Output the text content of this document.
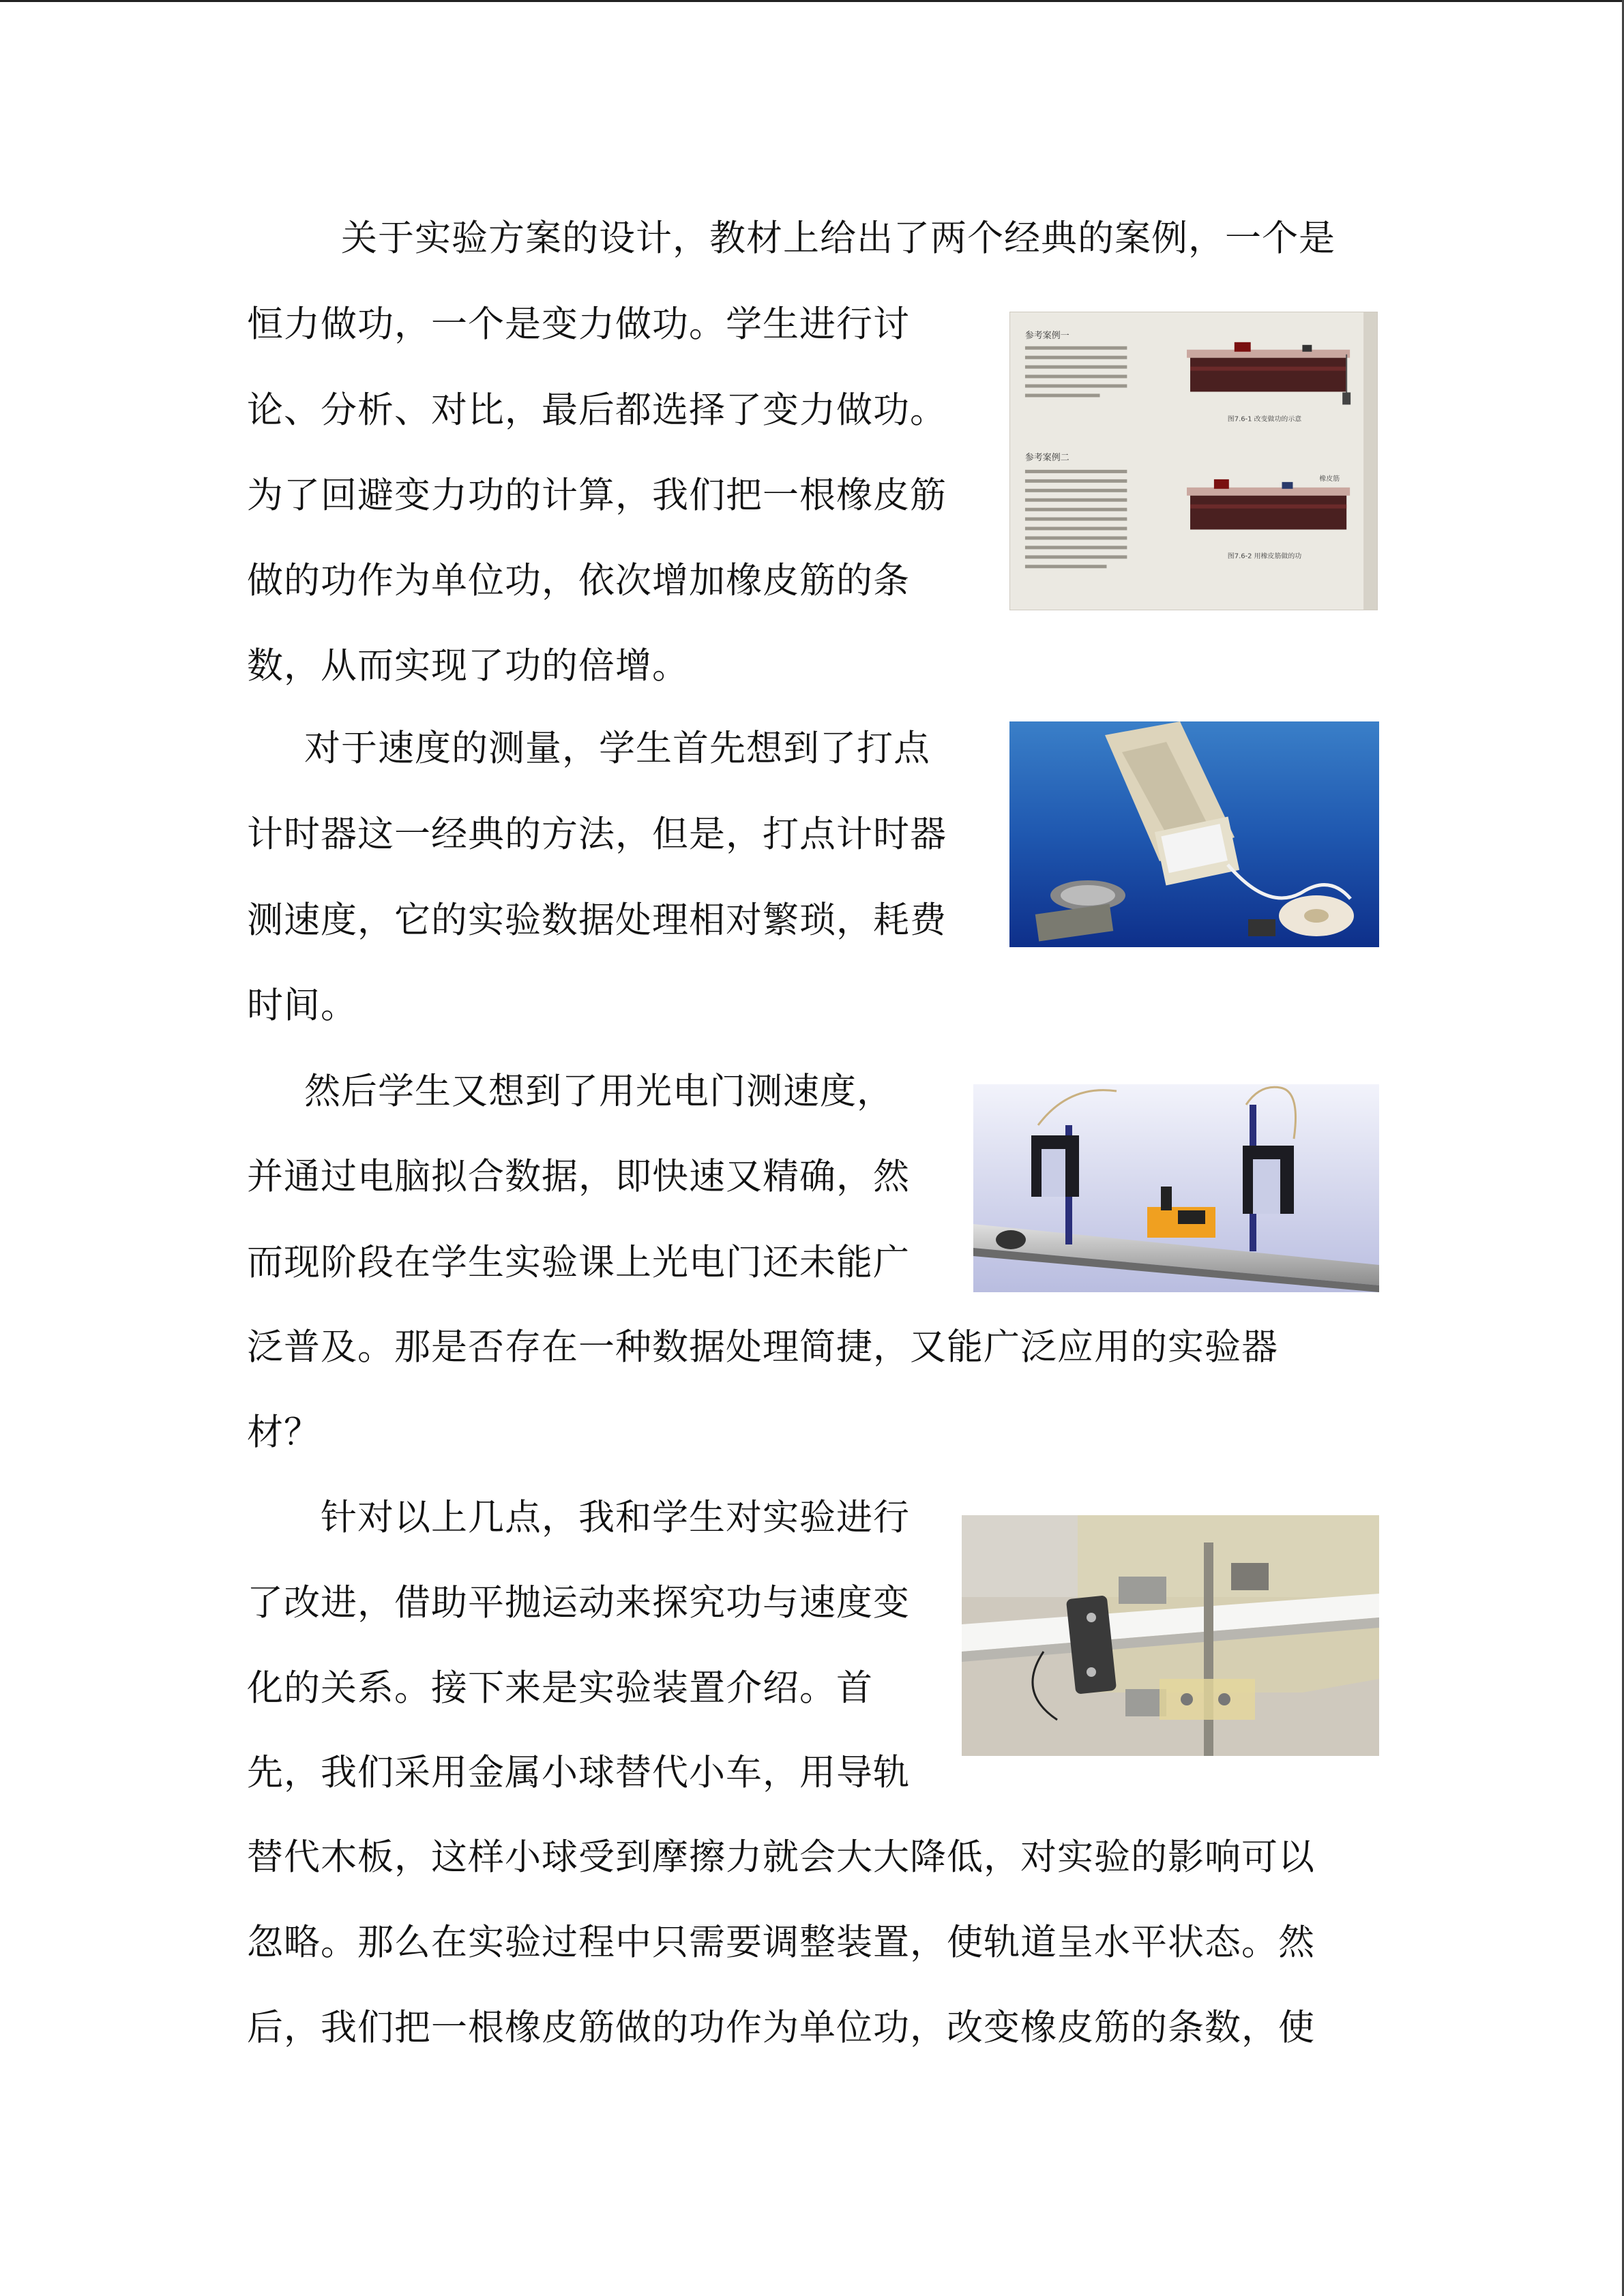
关于实验方案的设计，教材上给出了两个经典的案例，一个是
恒力做功，一个是变力做功。学生进行讨
论、分析、对比，最后都选择了变力做功。
为了回避变力功的计算，我们把一根橡皮筋
做的功作为单位功，依次增加橡皮筋的条
数，从而实现了功的倍增。
对于速度的测量，学生首先想到了打点
计时器这一经典的方法，但是，打点计时器
测速度，它的实验数据处理相对繁琐，耗费
时间。
然后学生又想到了用光电门测速度，
并通过电脑拟合数据，即快速又精确，然
而现阶段在学生实验课上光电门还未能广
泛普及。那是否存在一种数据处理简捷，又能广泛应用的实验器
材？
针对以上几点，我和学生对实验进行
了改进，借助平抛运动来探究功与速度变
化的关系。接下来是实验装置介绍。首
先，我们采用金属小球替代小车，用导轨
替代木板，这样小球受到摩擦力就会大大降低，对实验的影响可以
忽略。那么在实验过程中只需要调整装置，使轨道呈水平状态。然
后，我们把一根橡皮筋做的功作为单位功，改变橡皮筋的条数，使
参考案例一
图7.6-1 改变做功的示意
参考案例二
橡皮筋
图7.6-2 用橡皮筋做的功
